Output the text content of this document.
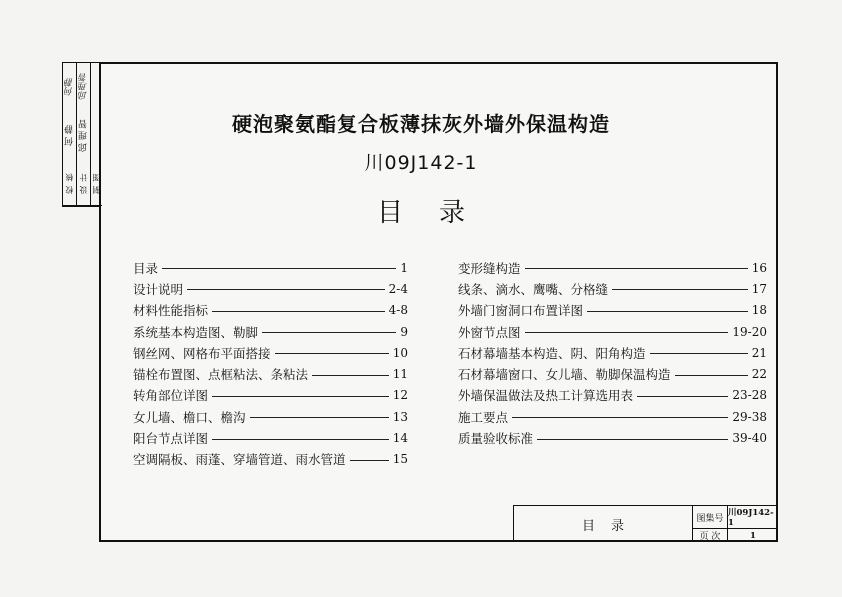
何静
何 静
校 核
邱理智
邱 理 智
设 计 制 图
硬泡聚氨酯复合板薄抹灰外墙外保温构造
川09J142-1
目录
目录	1
设计说明	2-4
材料性能指标	4-8
系统基本构造图、勒脚	9
钢丝网、网格布平面搭接	10
锚栓布置图、点框粘法、条粘法	11
转角部位详图	12
女儿墙、檐口、檐沟	13
阳台节点详图	14
空调隔板、雨蓬、穿墙管道、雨水管道	15
变形缝构造	16
线条、滴水、鹰嘴、分格缝	17
外墙门窗洞口布置详图	18
外窗节点图	19-20
石材幕墙基本构造、阴、阳角构造	21
石材幕墙窗口、女儿墙、勒脚保温构造	22
外墙保温做法及热工计算选用表	23-28
施工要点	29-38
质量验收标准	39-40
目录	图集号
川09J142-1
页 次	1
